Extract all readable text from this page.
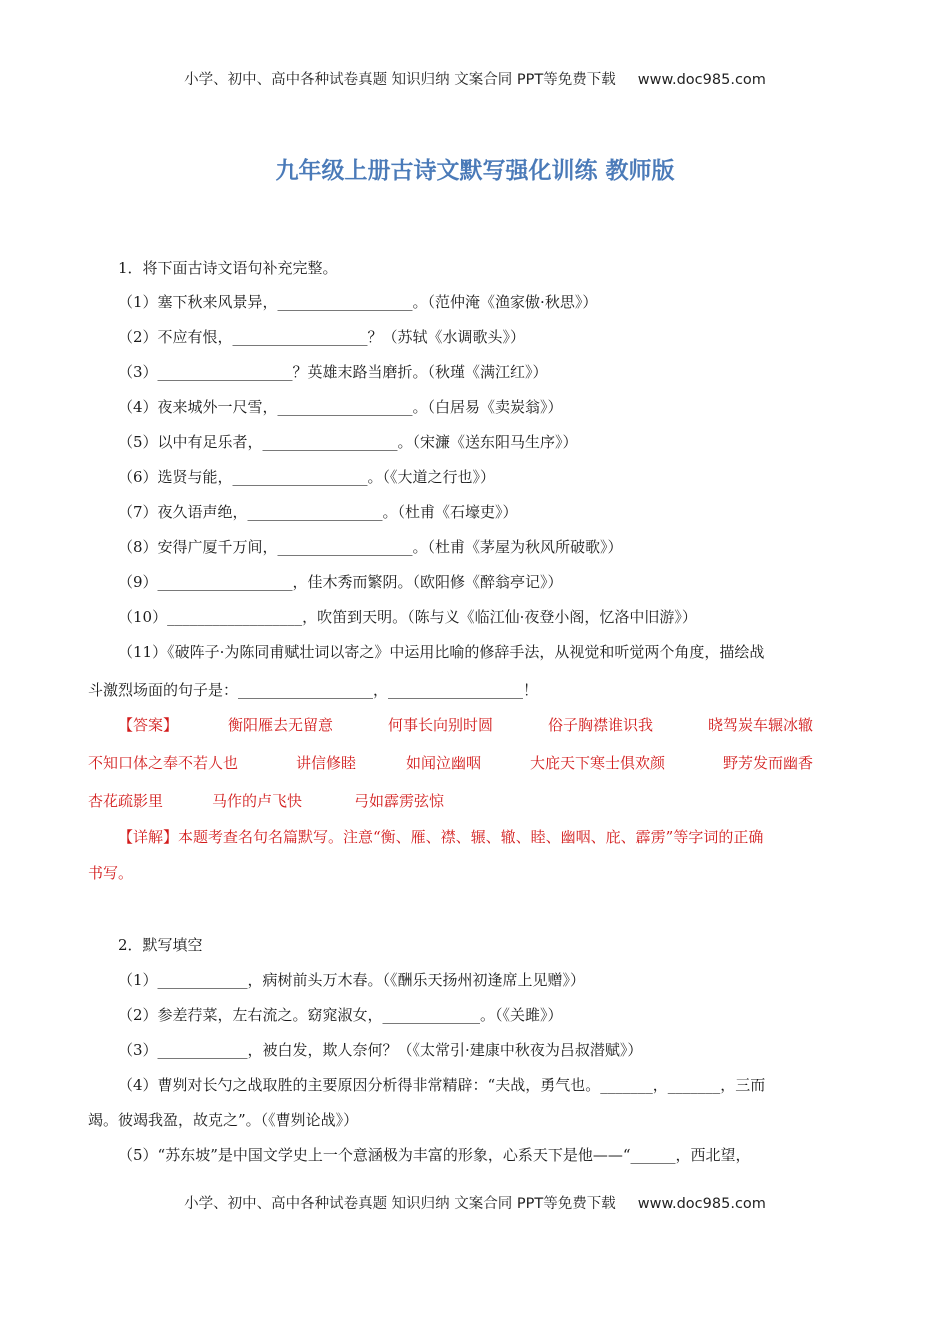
小学、初中、高中各种试卷真题 知识归纳 文案合同 PPT等免费下载 www.doc985.com
九年级上册古诗文默写强化训练 教师版
1．将下面古诗文语句补充完整。
（1）塞下秋来风景异，__________________。（范仲淹《渔家傲·秋思》）
（2）不应有恨，__________________？（苏轼《水调歌头》）
（3）__________________？英雄末路当磨折。（秋瑾《满江红》）
（4）夜来城外一尺雪，__________________。（白居易《卖炭翁》）
（5）以中有足乐者，__________________。（宋濂《送东阳马生序》）
（6）选贤与能，__________________。（《大道之行也》）
（7）夜久语声绝，__________________。（杜甫《石壕吏》）
（8）安得广厦千万间，__________________。（杜甫《茅屋为秋风所破歌》）
（9）__________________，佳木秀而繁阴。（欧阳修《醉翁亭记》）
（10）__________________，吹笛到天明。（陈与义《临江仙·夜登小阁，忆洛中旧游》）
（11）《破阵子·为陈同甫赋壮词以寄之》中运用比喻的修辞手法，从视觉和听觉两个角度，描绘战
斗激烈场面的句子是：__________________，__________________！
【答案】	衡阳雁去无留意	何事长向别时圆	俗子胸襟谁识我	晓驾炭车辗冰辙
不知口体之奉不若人也	讲信修睦	如闻泣幽咽	大庇天下寒士俱欢颜	野芳发而幽香
杏花疏影里	马作的卢飞快	弓如霹雳弦惊
【详解】本题考查名句名篇默写。注意“衡、雁、襟、辗、辙、睦、幽咽、庇、霹雳”等字词的正确
书写。
2．默写填空
（1）____________，病树前头万木春。（《酬乐天扬州初逢席上见赠》）
（2）参差荇菜，左右流之。窈窕淑女，_____________。（《关雎》）
（3）____________，被白发，欺人奈何？（《太常引·建康中秋夜为吕叔潜赋》）
（4）曹刿对长勺之战取胜的主要原因分析得非常精辟：“夫战，勇气也。_______，_______，三而
竭。彼竭我盈，故克之”。（《曹刿论战》）
（5）“苏东坡”是中国文学史上一个意涵极为丰富的形象，心系天下是他——“______，西北望，
小学、初中、高中各种试卷真题 知识归纳 文案合同 PPT等免费下载 www.doc985.com
